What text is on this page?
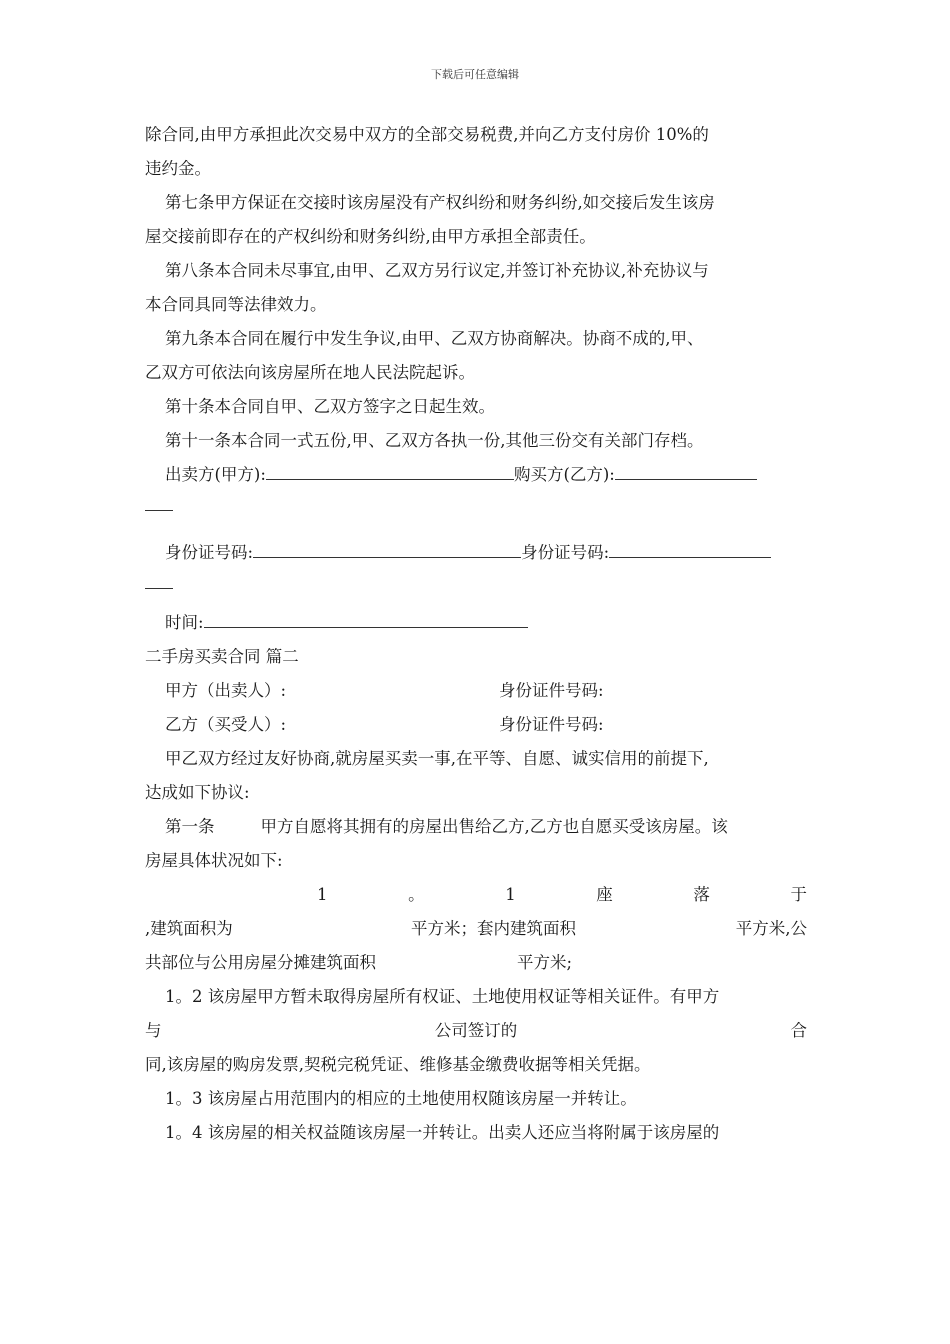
下载后可任意编辑
除合同,由甲方承担此次交易中双方的全部交易税费,并向乙方支付房价 10%的
违约金。
第七条甲方保证在交接时该房屋没有产权纠纷和财务纠纷,如交接后发生该房
屋交接前即存在的产权纠纷和财务纠纷,由甲方承担全部责任。
第八条本合同未尽事宜,由甲、乙双方另行议定,并签订补充协议,补充协议与
本合同具同等法律效力。
第九条本合同在履行中发生争议,由甲、乙双方协商解决。协商不成的,甲、
乙双方可依法向该房屋所在地人民法院起诉。
第十条本合同自甲、乙双方签字之日起生效。
第十一条本合同一式五份,甲、乙双方各执一份,其他三份交有关部门存档。
出卖方(甲方):	购买方(乙方):
身份证号码:	身份证号码:
时间:
二手房买卖合同 篇二
甲方（出卖人）:	身份证件号码:
乙方（买受人）:	身份证件号码:
甲乙双方经过友好协商,就房屋买卖一事,在平等、自愿、诚实信用的前提下,
达成如下协议:
第一条	甲方自愿将其拥有的房屋出售给乙方,乙方也自愿买受该房屋。该
房屋具体状况如下:
1	。	1	座	落	于
,建筑面积为	平方米；套内建筑面积	平方米,公
共部位与公用房屋分摊建筑面积	平方米;
1。2 该房屋甲方暂未取得房屋所有权证、土地使用权证等相关证件。有甲方
与	公司签订的	合
同,该房屋的购房发票,契税完税凭证、维修基金缴费收据等相关凭据。
1。3 该房屋占用范围内的相应的土地使用权随该房屋一并转让。
1。4 该房屋的相关权益随该房屋一并转让。出卖人还应当将附属于该房屋的
